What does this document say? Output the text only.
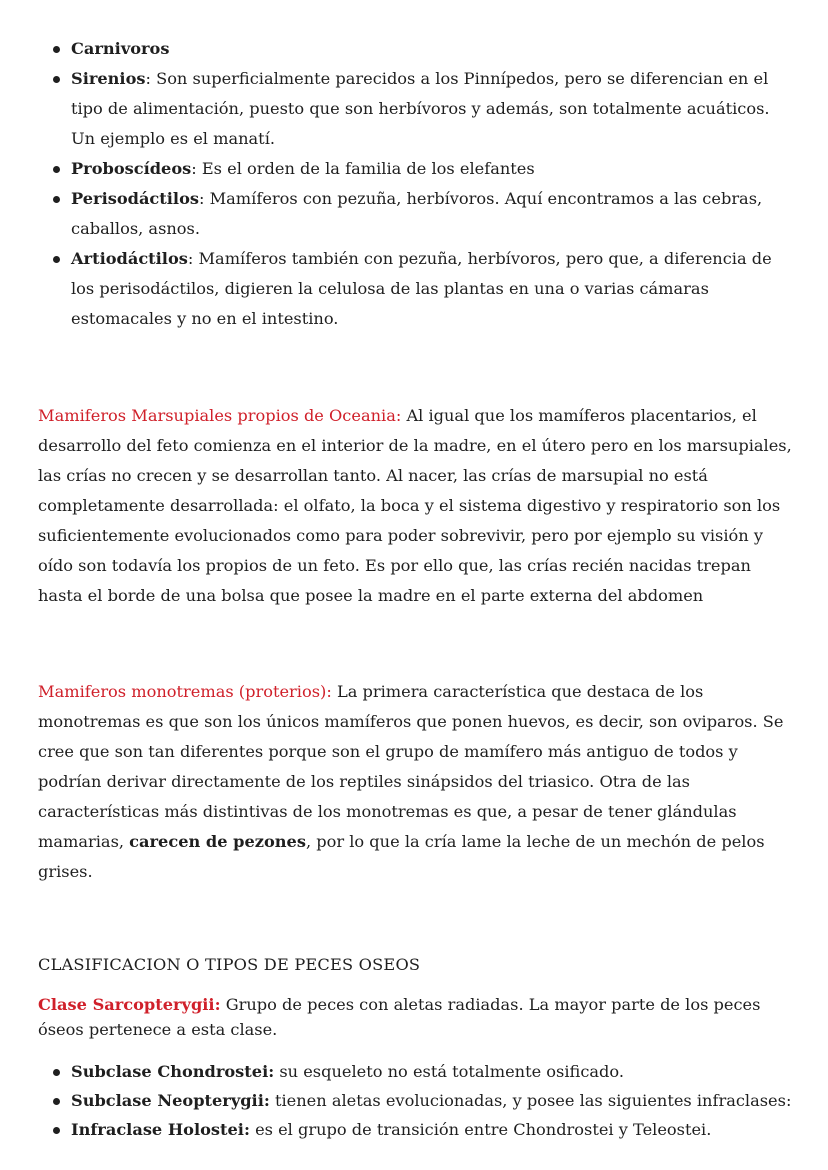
Carnivoros
Sirenios: Son superficialmente parecidos a los Pinnípedos, pero se diferencian en el tipo de alimentación, puesto que son herbívoros y además, son totalmente acuáticos. Un ejemplo es el manatí.
Proboscídeos: Es el orden de la familia de los elefantes
Perisodáctilos: Mamíferos con pezuña, herbívoros. Aquí encontramos a las cebras, caballos, asnos.
Artiodáctilos: Mamíferos también con pezuña, herbívoros, pero que, a diferencia de los perisodáctilos, digieren la celulosa de las plantas en una o varias cámaras estomacales y no en el intestino.

Mamiferos Marsupiales propios de Oceania: Al igual que los mamíferos placentarios, el desarrollo del feto comienza en el interior de la madre, en el útero pero en los marsupiales, las crías no crecen y se desarrollan tanto. Al nacer, las crías de marsupial no está completamente desarrollada: el olfato, la boca y el sistema digestivo y respiratorio son los suficientemente evolucionados como para poder sobrevivir, pero por ejemplo su visión y oído son todavía los propios de un feto. Es por ello que, las crías recién nacidas trepan hasta el borde de una bolsa que posee la madre en el parte externa del abdomen

Mamiferos monotremas (proterios): La primera característica que destaca de los monotremas es que son los únicos mamíferos que ponen huevos, es decir, son oviparos. Se cree que son tan diferentes porque son el grupo de mamífero más antiguo de todos y podrían derivar directamente de los reptiles sinápsidos del triasico. Otra de las características más distintivas de los monotremas es que, a pesar de tener glándulas mamarias, carecen de pezones, por lo que la cría lame la leche de un mechón de pelos grises.

CLASIFICACION O TIPOS DE PECES OSEOS

Clase Sarcopterygii: Grupo de peces con aletas radiadas. La mayor parte de los peces óseos pertenece a esta clase.

Subclase Chondrostei: su esqueleto no está totalmente osificado.
Subclase Neopterygii: tienen aletas evolucionadas, y posee las siguientes infraclases:
Infraclase Holostei: es el grupo de transición entre Chondrostei y Teleostei.
